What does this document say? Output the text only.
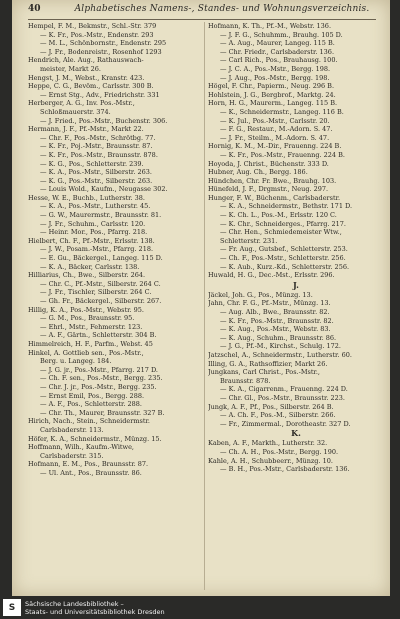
40	Alphabetisches Namens-, Standes- und Wohnungsverzeichnis.
Hempel, F. M., Bekmstr., Schl.-Str. 379
— K. Fr., Pos.-Mstr., Endenstr. 293
— M. L., Schönbornstr., Endenstr. 295
— J. Fr., Bodenreistr., Rosenhof 1293
Hendrich, Ale. Aug., Rathauswach-
meister, Markt 26.
Hengst, J. M., Webst., Kranstr. 423.
Heppe, C. G., Bevöm., Carlsstr. 300 B.
— Ernst Stg., Adv., Friedrichstr. 331
Herberger, A. G., Inv. Pos.-Mstr.,
Schloßmauerstr. 374.
— J. Fried., Pos.-Mstr., Buchenstr. 306.
Hermann, J. F., Pf.-Mstr., Markt 22.
— Chr. F., Pos.-Mstr., Schrötbg. 77.
— K. Fr., Poj.-Mstr., Braunsstr. 87.
— K. Fr., Pos.-Mstr., Braunsstr. 878.
— K. G., Pos., Schletterstr. 239.
— K. A., Pos.-Mstr., Silberstr. 263.
— K. G., Pos.-Mstr., Silberstr. 263.
— Louis Wold., Kaufm., Neugasse 302.
Hesse, W. E., Buchb., Lutherstr. 38.
— K. A., Pos.-Mstr., Lutherstr. 45.
— G. W., Maurermstr., Braunsstr. 81.
— J. Fr., Schuhm., Carlsstr. 120.
— Heinr. Mor., Pos., Pfarrg. 218.
Hielbert, Ch. F., Pf.-Mstr., Erlsstr. 138.
— J. W., Posam.-Mstr., Pfarrg. 218.
— E. Gu., Bäckergel., Langeg. 115 D.
— K. A., Bäcker, Carlsstr. 138.
Hilliarius, Ch., Bwe., Silberstr. 264.
— Chr. C., Pf.-Mstr., Silberstr. 264 C.
— J. Fr., Tischler, Silberstr. 264 C.
— Gh. Fr., Bäckergel., Silberstr. 267.
Hillig, K. A., Pos.-Mstr., Webstr. 95.
— G. M., Pos., Braunsstr. 95.
— Ehrl., Mstr., Fehmerstr. 123.
— A. F., Gärtn., Schletterstr. 304 B.
Himmelreich, H. F., Parfm., Webst. 45
Hinkel, A. Gottlieb sen., Pos.-Mstr.,
Berg. u. Langeg. 184.
— J. G. jr., Pos.-Mstr., Pfarrg. 217 D.
— Ch. F. sen., Pos.-Mstr., Bergg. 235.
— Chr. J. jr., Pos.-Mstr., Bergg. 235.
— Ernst Emil, Pos., Bergg. 288.
— A. F., Pos., Schletterstr. 288.
— Chr. Th., Maurer, Braunsstr. 327 B.
Hirich, Nach., Stein., Schneidermstr.
Carlsbaderstr. 113.
Höfer, K. A., Schneidermstr., Münzg. 15.
Hoffmann, Wilh., Kaufm.-Witwe,
Carlsbaderstr. 315.
Hofmann, E. M., Pos., Braunsstr. 87.
— Ul. Ant., Pos., Braunsstr. 86.
Hofmann, K. Th., Pf.-M., Webstr. 136.
— J. F. G., Schuhmm., Brauhg. 105 D.
— A. Aug., Maurer, Langeg. 115 B.
— Chr. Friedr., Carlsbaderstr. 136.
— Carl Rich., Pos., Brauhausg. 100.
— J. C. A., Pos.-Mstr., Bergg. 198.
— J. Aug., Pos.-Mstr., Bergg. 198.
Högel, F. Chr., Papierm., Neug. 296 B.
Hohlstein, J. G., Bergbrof., Marktg. 24.
Horn, H. G., Maurerm., Langeg. 115 B.
— K., Schneidermstr., Langeg. 116 B.
— K. Jul., Pos.-Mstr., Carlsstr. 20.
— F. G., Restaur., M.-Adorn. S. 47.
— J. Fr., Steilm., M.-Adorn. S. 47.
Hornig, K. M., M.-Dir., Frauenng. 224 B.
— K. Fr., Pos.-Mstr., Frauenng. 224 B.
Hoyoda, J. Christ., Büchenstr. 333 D.
Hubner, Aug. Ch., Bergg. 186.
Hündchen, Chr. Fr. Bwe., Brauhg. 103.
Hünefeld, J. F., Drgmstr., Neug. 297.
Hunger, F. W., Büchenm., Carlsbaderstr.
— K. A., Schneidermstr., Bethstr. 171 D.
— K. Ch. L., Pos.-M., Erlsstr. 120 C.
— K. Chr., Schneiderges., Pfarrg. 217.
— Chr. Hen., Schmiedemeister Wtw.,
Schletterstr. 231.
— Fr. Aug., Gutsbef., Schletterstr. 253.
— Ch. F., Pos.-Mstr., Schletterstr. 256.
— K. Aub., Kurz.-Kd., Schletterstr. 256.
Huwald, H. G., Dec.-Mst., Erlsstr. 296.
J.
Jäckel, Joh. G., Pos., Münzg. 13.
Jahn, Chr. F. G., Pf.-Mstr., Münzg. 13.
— Aug. Alb., Bwe., Braunsstr. 82.
— K. Fr., Pos.-Mstr., Braunsstr. 82.
— K. Aug., Pos.-Mstr., Webstr. 83.
— K. Aug., Schuhm., Braunsstr. 86.
— J. G., Pf.-M., Kirchst., Schulg. 172.
Jatzschel, A., Schneidermstr., Lutherstr. 60.
Illing, G. A., Rathsoffizier, Markt 26.
Jungkans, Carl Christ., Pos.-Mstr.,
Braunsstr. 878.
— K. A., Cigarrenm., Frauenng. 224 D.
— Chr. Gl., Pos.-Mstr., Braunsstr. 223.
Jungk, A. F., Pf., Pos., Silberstr. 264 B.
— A. Ch. F., Pos.-M., Silberstr. 266.
— Fr., Zimmermal., Dorotheastr. 327 D.
K.
Kaben, A. F., Markth., Lutherstr. 32.
— Ch. A. H., Pos.-Mstr., Bergg. 190.
Kahle, A. H., Schubbeerr., Münzg. 10.
— B. H., Pos.-Mstr., Carlsbaderstr. 136.
S	Sächsische Landesbibliothek –
Staats- und Universitätsbibliothek Dresden
